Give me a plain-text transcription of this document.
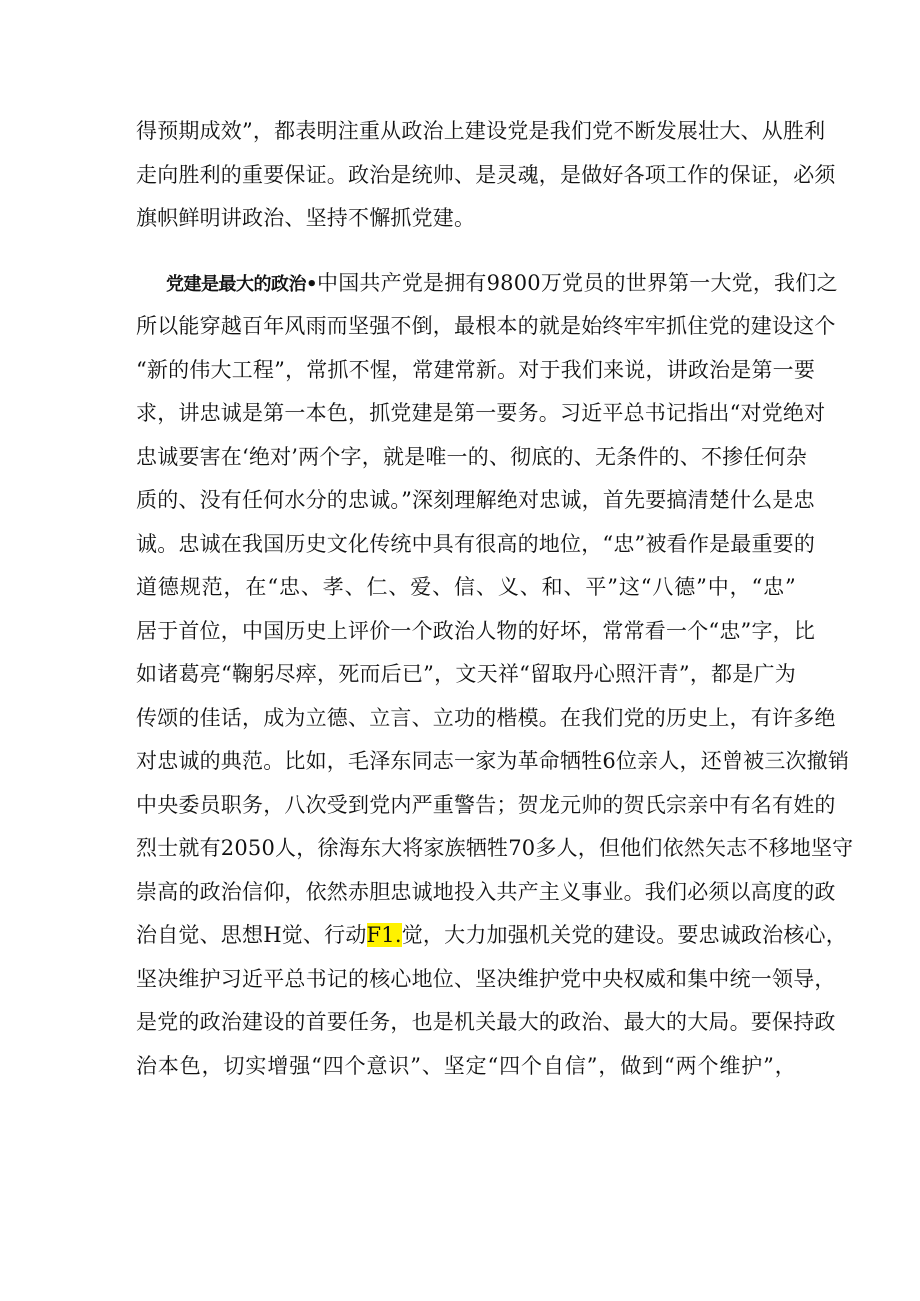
得预期成效”，都表明注重从政治上建设党是我们党不断发展壮大、从胜利
走向胜利的重要保证。政治是统帅、是灵魂，是做好各项工作的保证，必须
旗帜鲜明讲政治、坚持不懈抓党建。
党建是最大的政治•中国共产党是拥有9800万党员的世界第一大党，我们之
所以能穿越百年风雨而坚强不倒，最根本的就是始终牢牢抓住党的建设这个
“新的伟大工程”，常抓不惺，常建常新。对于我们来说，讲政治是第一要
求，讲忠诚是第一本色，抓党建是第一要务。习近平总书记指出“对党绝对
忠诚要害在‘绝对’两个字，就是唯一的、彻底的、无条件的、不掺任何杂
质的、没有任何水分的忠诚。”深刻理解绝对忠诚，首先要搞清楚什么是忠
诚。忠诚在我国历史文化传统中具有很高的地位，“忠”被看作是最重要的
道德规范，在“忠、孝、仁、爱、信、义、和、平”这“八德”中，“忠”
居于首位，中国历史上评价一个政治人物的好坏，常常看一个“忠”字，比
如诸葛亮“鞠躬尽瘁，死而后已”，文天祥“留取丹心照汗青”，都是广为
传颂的佳话，成为立德、立言、立功的楷模。在我们党的历史上，有许多绝
对忠诚的典范。比如，毛泽东同志一家为革命牺牲6位亲人，还曾被三次撤销
中央委员职务，八次受到党内严重警告；贺龙元帅的贺氏宗亲中有名有姓的
烈士就有2050人，徐海东大将家族牺牲70多人，但他们依然矢志不移地坚守
崇高的政治信仰，依然赤胆忠诚地投入共产主义事业。我们必须以高度的政
治自觉、思想H觉、行动F1.觉，大力加强机关党的建设。要忠诚政治核心，
坚决维护习近平总书记的核心地位、坚决维护党中央权威和集中统一领导，
是党的政治建设的首要任务，也是机关最大的政治、最大的大局。要保持政
治本色，切实增强“四个意识”、坚定“四个自信”，做到“两个维护”，
